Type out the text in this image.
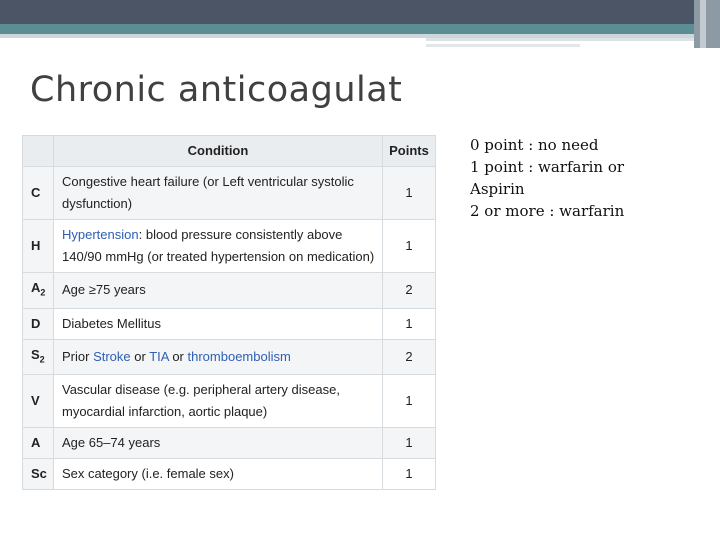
Chronic anticoagulat
	Condition	Points
C	Congestive heart failure (or Left ventricular systolic dysfunction)	1
H	Hypertension: blood pressure consistently above 140/90 mmHg (or treated hypertension on medication)	1
$A_2$	Age ≥75 years	2
D	Diabetes Mellitus	1
$S_2$	Prior Stroke or TIA or thromboembolism	2
V	Vascular disease (e.g. peripheral artery disease, myocardial infarction, aortic plaque)	1
A	Age 65–74 years	1
Sc	Sex category (i.e. female sex)	1
0 point : no need
1 point : warfarin or
Aspirin
2 or more : warfarin
